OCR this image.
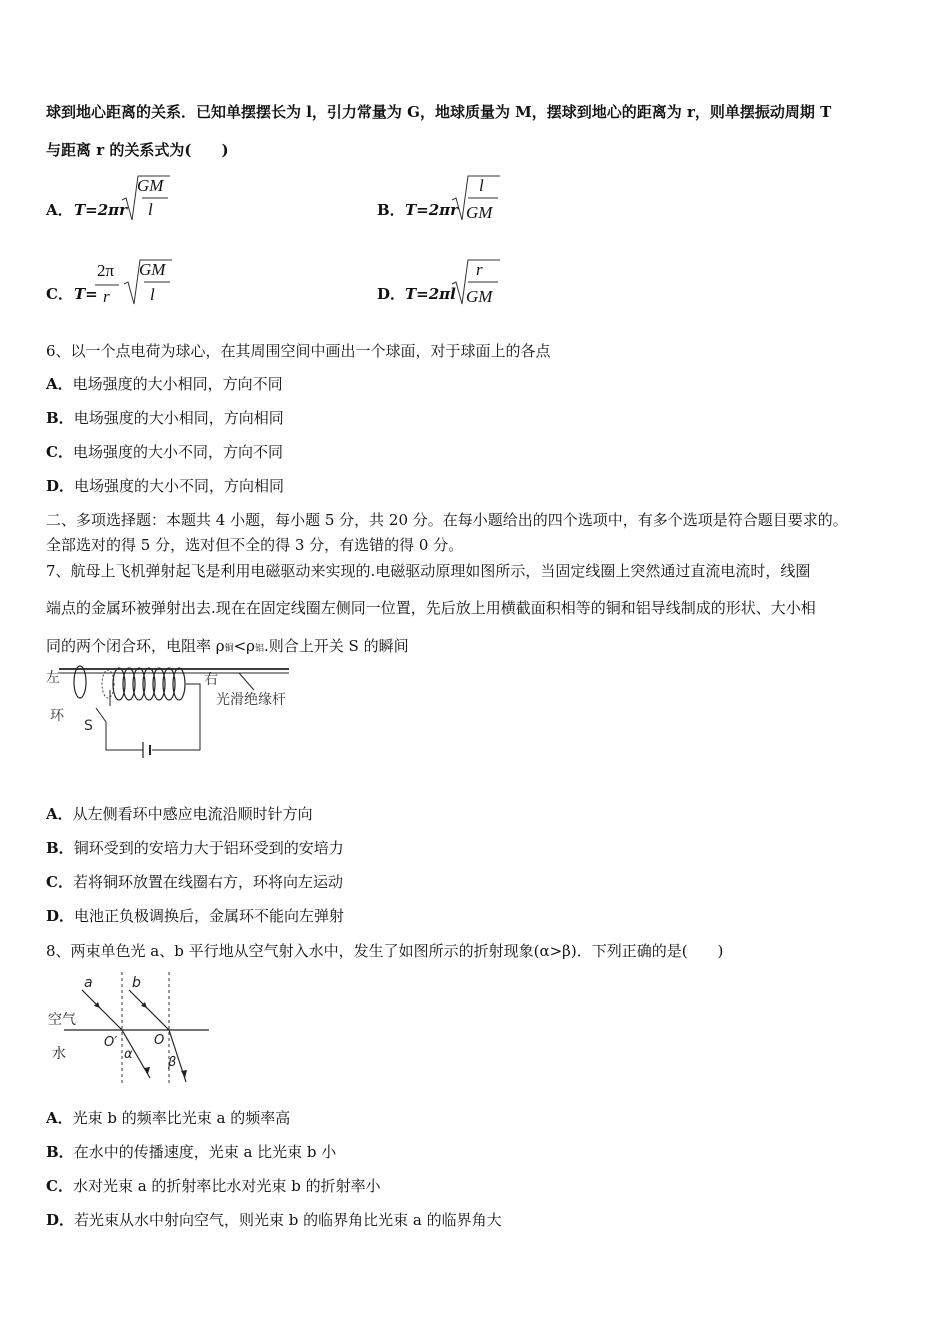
球到地心距离的关系．已知单摆摆长为 l，引力常量为 G，地球质量为 M，摆球到地心的距离为 r，则单摆振动周期 T
与距离 r 的关系式为(　　)
A． T=2πr
GM
l	B． T=2πr
l
GM
C． T=
2π
r
GM
l	D． T=2πl
r
GM
6、以一个点电荷为球心，在其周围空间中画出一个球面，对于球面上的各点
A．电场强度的大小相同，方向不同
B．电场强度的大小相同，方向相同
C．电场强度的大小不同，方向不同
D．电场强度的大小不同，方向相同
二、多项选择题：本题共 4 小题，每小题 5 分，共 20 分。在每小题给出的四个选项中，有多个选项是符合题目要求的。
全部选对的得 5 分，选对但不全的得 3 分，有选错的得 0 分。
7、航母上飞机弹射起飞是利用电磁驱动来实现的.电磁驱动原理如图所示，当固定线圈上突然通过直流电流时，线圈
端点的金属环被弹射出去.现在在固定线圈左侧同一位置，先后放上用横截面积相等的铜和铝导线制成的形状、大小相
同的两个闭合环，电阻率 ρ铜<ρ铝.则合上开关 S 的瞬间
左	右
光滑绝缘杆
环
S
A．从左侧看环中感应电流沿顺时针方向
B．铜环受到的安培力大于铝环受到的安培力
C．若将铜环放置在线圈右方，环将向左运动
D．电池正负极调换后，金属环不能向左弹射
8、两束单色光 a、b 平行地从空气射入水中，发生了如图所示的折射现象(α>β)．下列正确的是(　　)
a	b
空气
水
O′	O
α
β
A．光束 b 的频率比光束 a 的频率高
B．在水中的传播速度，光束 a 比光束 b 小
C．水对光束 a 的折射率比水对光束 b 的折射率小
D．若光束从水中射向空气，则光束 b 的临界角比光束 a 的临界角大
